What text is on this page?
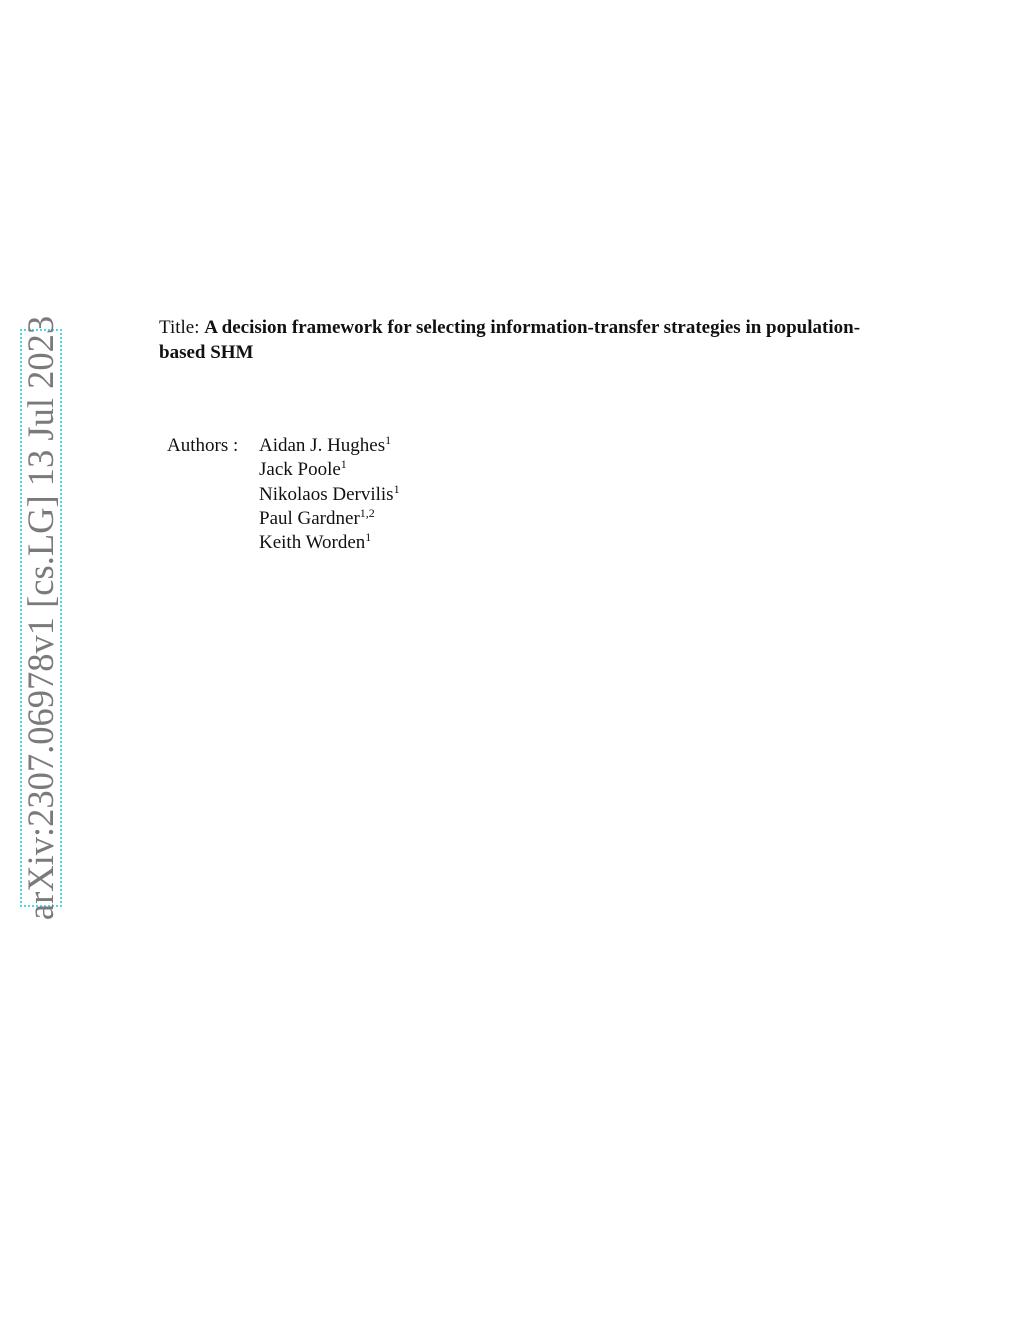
arXiv:2307.06978v1 [cs.LG] 13 Jul 2023	Title: A decision framework for selecting information-transfer strategies in population-based SHM
Authors : Aidan J. Hughes$^1$
Jack Poole$^1$
Nikolaos Dervilis$^1$
Paul Gardner$^{1,2}$
Keith Worden$^1$
